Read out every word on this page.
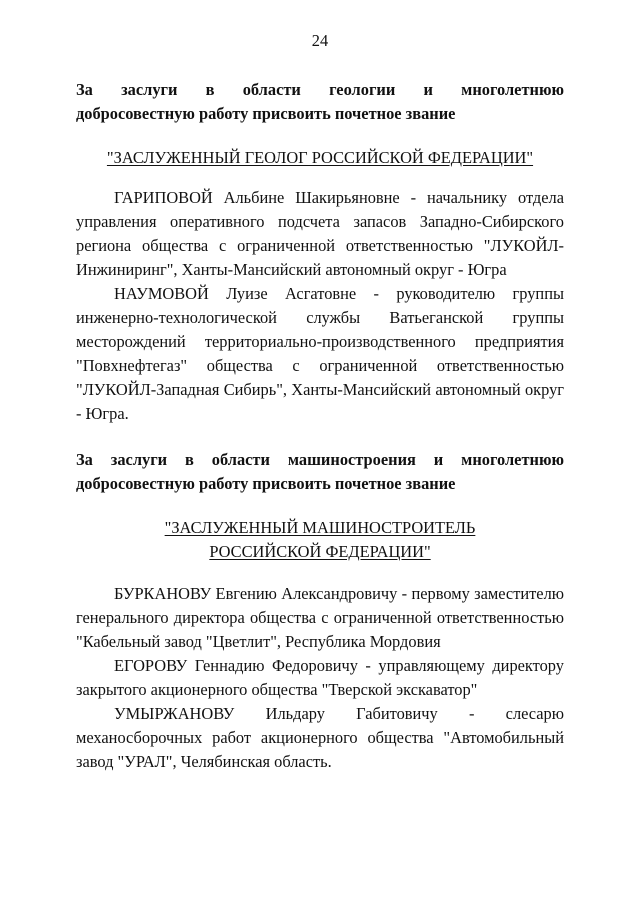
24

За заслуги в области геологии и многолетнюю

добросовестную работу присвоить почетное звание

"ЗАСЛУЖЕННЫЙ ГЕОЛОГ РОССИЙСКОЙ ФЕДЕРАЦИИ"

ГАРИПОВОЙ Альбине Шакирьяновне - начальнику отдела управления оперативного подсчета запасов Западно-Сибирского региона общества с ограниченной ответственностью "ЛУКОЙЛ-Инжиниринг", Ханты-Мансийский автономный округ - Югра

НАУМОВОЙ Луизе Асгатовне - руководителю группы инженерно-технологической службы Ватьеганской группы месторождений территориально-производственного предприятия "Повхнефтегаз" общества с ограниченной ответственностью "ЛУКОЙЛ-Западная Сибирь", Ханты-Мансийский автономный округ - Югра.

За заслуги в области машиностроения и многолетнюю

добросовестную работу присвоить почетное звание

"ЗАСЛУЖЕННЫЙ МАШИНОСТРОИТЕЛЬ
РОССИЙСКОЙ ФЕДЕРАЦИИ"

БУРКАНОВУ Евгению Александровичу - первому заместителю генерального директора общества с ограниченной ответственностью "Кабельный завод "Цветлит", Республика Мордовия

ЕГОРОВУ Геннадию Федоровичу - управляющему директору закрытого акционерного общества "Тверской экскаватор"

УМЫРЖАНОВУ Ильдару Габитовичу - слесарю механосборочных работ акционерного общества "Автомобильный завод "УРАЛ", Челябинская область.
